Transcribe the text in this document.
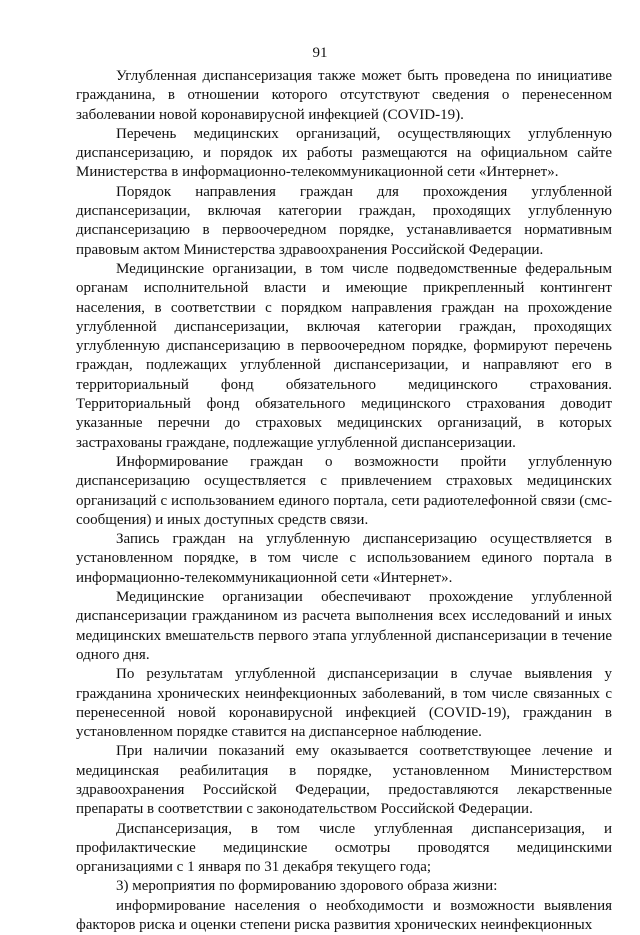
91

Углубленная диспансеризация также может быть проведена по инициативе гражданина, в отношении которого отсутствуют сведения о перенесенном заболевании новой коронавирусной инфекцией (COVID-19).

Перечень медицинских организаций, осуществляющих углубленную диспансеризацию, и порядок их работы размещаются на официальном сайте Министерства в информационно-телекоммуникационной сети «Интернет».

Порядок направления граждан для прохождения углубленной диспансеризации, включая категории граждан, проходящих углубленную диспансеризацию в первоочередном порядке, устанавливается нормативным правовым актом Министерства здравоохранения Российской Федерации.

Медицинские организации, в том числе подведомственные федеральным органам исполнительной власти и имеющие прикрепленный контингент населения, в соответствии с порядком направления граждан на прохождение углубленной диспансеризации, включая категории граждан, проходящих углубленную диспансеризацию в первоочередном порядке, формируют перечень граждан, подлежащих углубленной диспансеризации, и направляют его в территориальный фонд обязательного медицинского страхования. Территориальный фонд обязательного медицинского страхования доводит указанные перечни до страховых медицинских организаций, в которых застрахованы граждане, подлежащие углубленной диспансеризации.

Информирование граждан о возможности пройти углубленную диспансеризацию осуществляется с привлечением страховых медицинских организаций с использованием единого портала, сети радиотелефонной связи (смс-сообщения) и иных доступных средств связи.

Запись граждан на углубленную диспансеризацию осуществляется в установленном порядке, в том числе с использованием единого портала в информационно-телекоммуникационной сети «Интернет».

Медицинские организации обеспечивают прохождение углубленной диспансеризации гражданином из расчета выполнения всех исследований и иных медицинских вмешательств первого этапа углубленной диспансеризации в течение одного дня.

По результатам углубленной диспансеризации в случае выявления у гражданина хронических неинфекционных заболеваний, в том числе связанных с перенесенной новой коронавирусной инфекцией (COVID-19), гражданин в установленном порядке ставится на диспансерное наблюдение.

При наличии показаний ему оказывается соответствующее лечение и медицинская реабилитация в порядке, установленном Министерством здравоохранения Российской Федерации, предоставляются лекарственные препараты в соответствии с законодательством Российской Федерации.

Диспансеризация, в том числе углубленная диспансеризация, и профилактические медицинские осмотры проводятся медицинскими организациями с 1 января по 31 декабря текущего года;

3) мероприятия по формированию здорового образа жизни:

информирование населения о необходимости и возможности выявления факторов риска и оценки степени риска развития хронических неинфекционных
